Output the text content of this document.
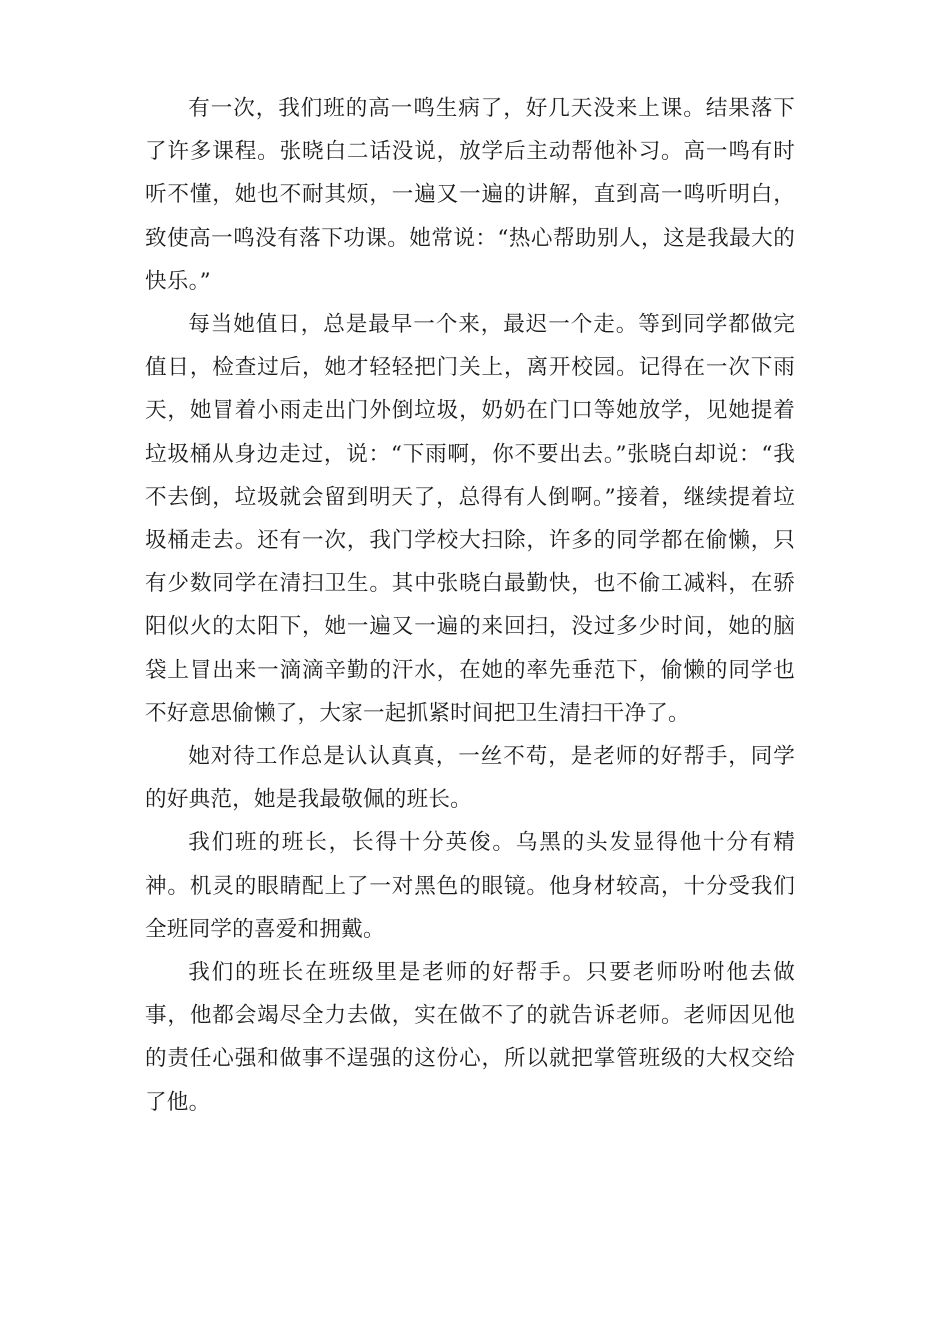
有一次，我们班的高一鸣生病了，好几天没来上课。结果落下了许多课程。张晓白二话没说，放学后主动帮他补习。高一鸣有时听不懂，她也不耐其烦，一遍又一遍的讲解，直到高一鸣听明白，致使高一鸣没有落下功课。她常说：“热心帮助别人，这是我最大的快乐。”

每当她值日，总是最早一个来，最迟一个走。等到同学都做完值日，检查过后，她才轻轻把门关上，离开校园。记得在一次下雨天，她冒着小雨走出门外倒垃圾，奶奶在门口等她放学，见她提着垃圾桶从身边走过，说：“下雨啊，你不要出去。”张晓白却说：“我不去倒，垃圾就会留到明天了，总得有人倒啊。”接着，继续提着垃圾桶走去。还有一次，我门学校大扫除，许多的同学都在偷懒，只有少数同学在清扫卫生。其中张晓白最勤快，也不偷工减料，在骄阳似火的太阳下，她一遍又一遍的来回扫，没过多少时间，她的脑袋上冒出来一滴滴辛勤的汗水，在她的率先垂范下，偷懒的同学也不好意思偷懒了，大家一起抓紧时间把卫生清扫干净了。

她对待工作总是认认真真，一丝不苟，是老师的好帮手，同学的好典范，她是我最敬佩的班长。

我们班的班长，长得十分英俊。乌黑的头发显得他十分有精神。机灵的眼睛配上了一对黑色的眼镜。他身材较高，十分受我们全班同学的喜爱和拥戴。

我们的班长在班级里是老师的好帮手。只要老师吩咐他去做事，他都会竭尽全力去做，实在做不了的就告诉老师。老师因见他的责任心强和做事不逞强的这份心，所以就把掌管班级的大权交给了他。
